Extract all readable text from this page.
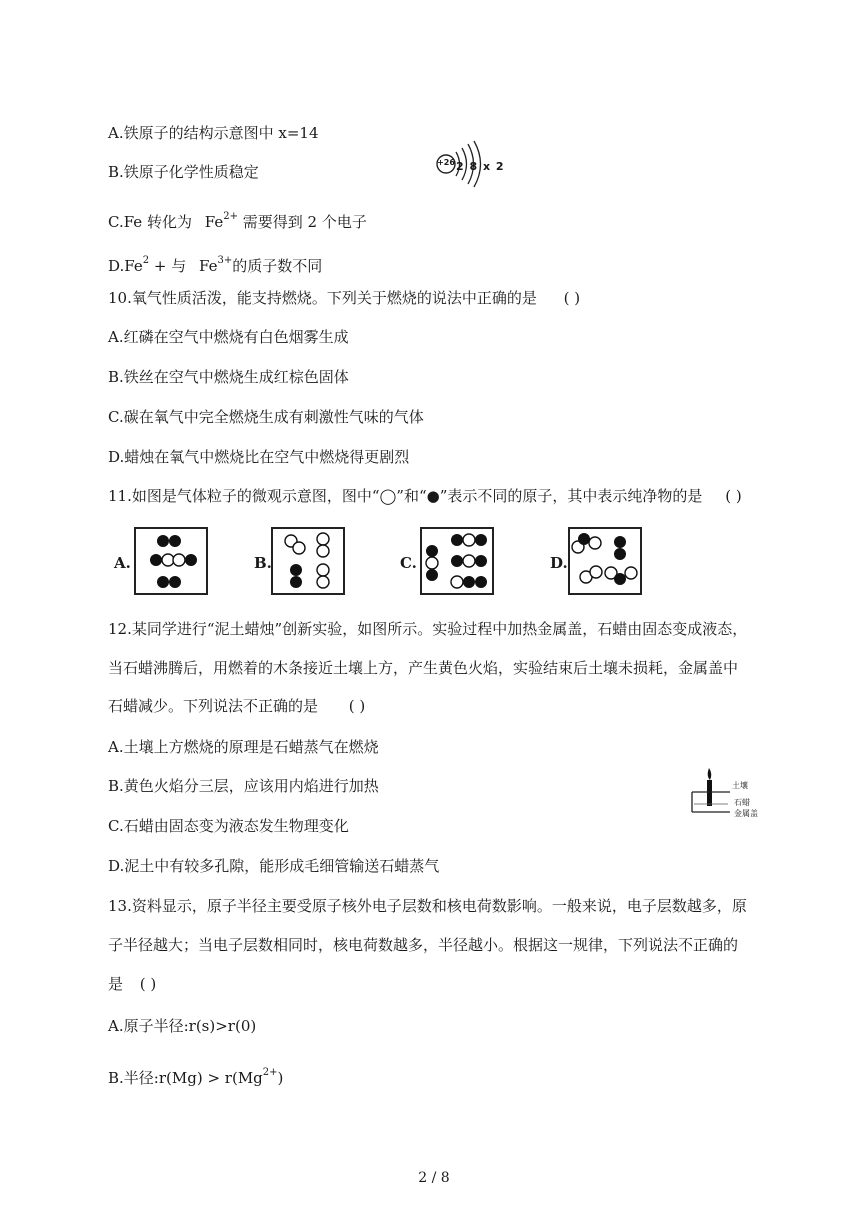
A.铁原子的结构示意图中 x=14
B.铁原子化学性质稳定
+26 2 8 x 2
C.Fe 转化为 $Fe^{2+}$ 需要得到 2 个电子
$D.Fe^2$ + 与 $Fe^{3+}$的质子数不同
10.氧气性质活泼，能支持燃烧。下列关于燃烧的说法中正确的是 ( )
A.红磷在空气中燃烧有白色烟雾生成
B.铁丝在空气中燃烧生成红棕色固体
C.碳在氧气中完全燃烧生成有刺激性气味的气体
D.蜡烛在氧气中燃烧比在空气中燃烧得更剧烈
11.如图是气体粒子的微观示意图，图中“◯”和“●”表示不同的原子，其中表示纯净物的是 ( )
A.	B.	C.	D.
12.某同学进行“泥土蜡烛”创新实验，如图所示。实验过程中加热金属盖，石蜡由固态变成液态，
当石蜡沸腾后，用燃着的木条接近土壤上方，产生黄色火焰，实验结束后土壤未损耗，金属盖中
石蜡减少。下列说法不正确的是 ( )
A.土壤上方燃烧的原理是石蜡蒸气在燃烧
B.黄色火焰分三层，应该用内焰进行加热
C.石蜡由固态变为液态发生物理变化
D.泥土中有较多孔隙，能形成毛细管输送石蜡蒸气
土壤
石蜡
金属盖
13.资料显示，原子半径主要受原子核外电子层数和核电荷数影响。一般来说，电子层数越多，原
子半径越大；当电子层数相同时，核电荷数越多，半径越小。根据这一规律，下列说法不正确的
是 ( )
A.原子半径:r(s)>r(0)
B.半径:r(Mg) > $r(Mg^{2+})$
2 / 8
